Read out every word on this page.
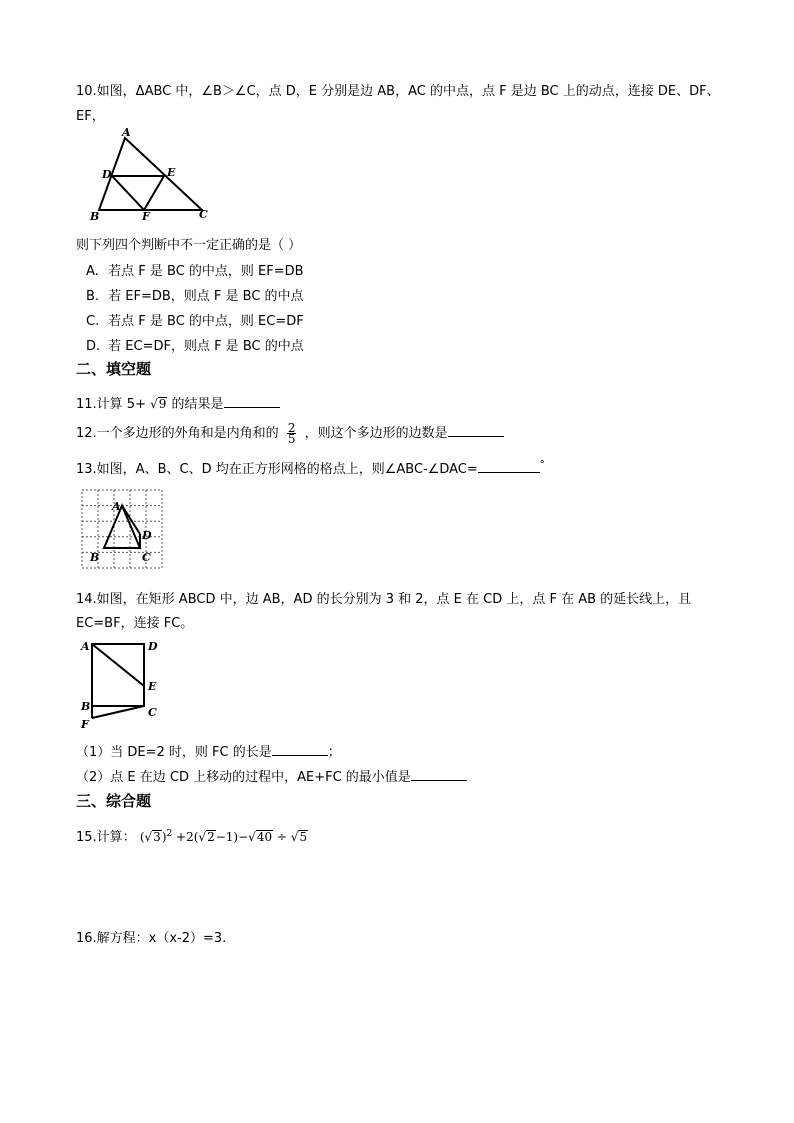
10.如图，ΔABC 中，∠B＞∠C，点 D，E 分别是边 AB，AC 的中点，点 F 是边 BC 上的动点，连接 DE、DF、
EF，
A
D	E
B	F	C
则下列四个判断中不一定正确的是（ ）
A. 若点 F 是 BC 的中点，则 EF=DB
B. 若 EF=DB，则点 F 是 BC 的中点
C. 若点 F 是 BC 的中点，则 EC=DF
D. 若 EC=DF，则点 F 是 BC 的中点
二、填空题
11.计算 5+ √9 的结果是
12.一个多边形的外角和是内角和的 $\frac{2}{5}$ ，则这个多边形的边数是
13.如图，A、B、C、D 均在正方形网格的格点上，则∠ABC-∠DAC=	°
A
D
B	C
14.如图，在矩形 ABCD 中，边 AB，AD 的长分别为 3 和 2，点 E 在 CD 上，点 F 在 AB 的延长线上，且
EC=BF，连接 FC。
A	D
E
B	C
F
（1）当 DE=2 时，则 FC 的长是	；
（2）点 E 在边 CD 上移动的过程中，AE+FC 的最小值是
三、综合题
15.计算： $(√3)^2 +2(√2-1)-√40 \div √5$
16.解方程：x（x-2）=3.
